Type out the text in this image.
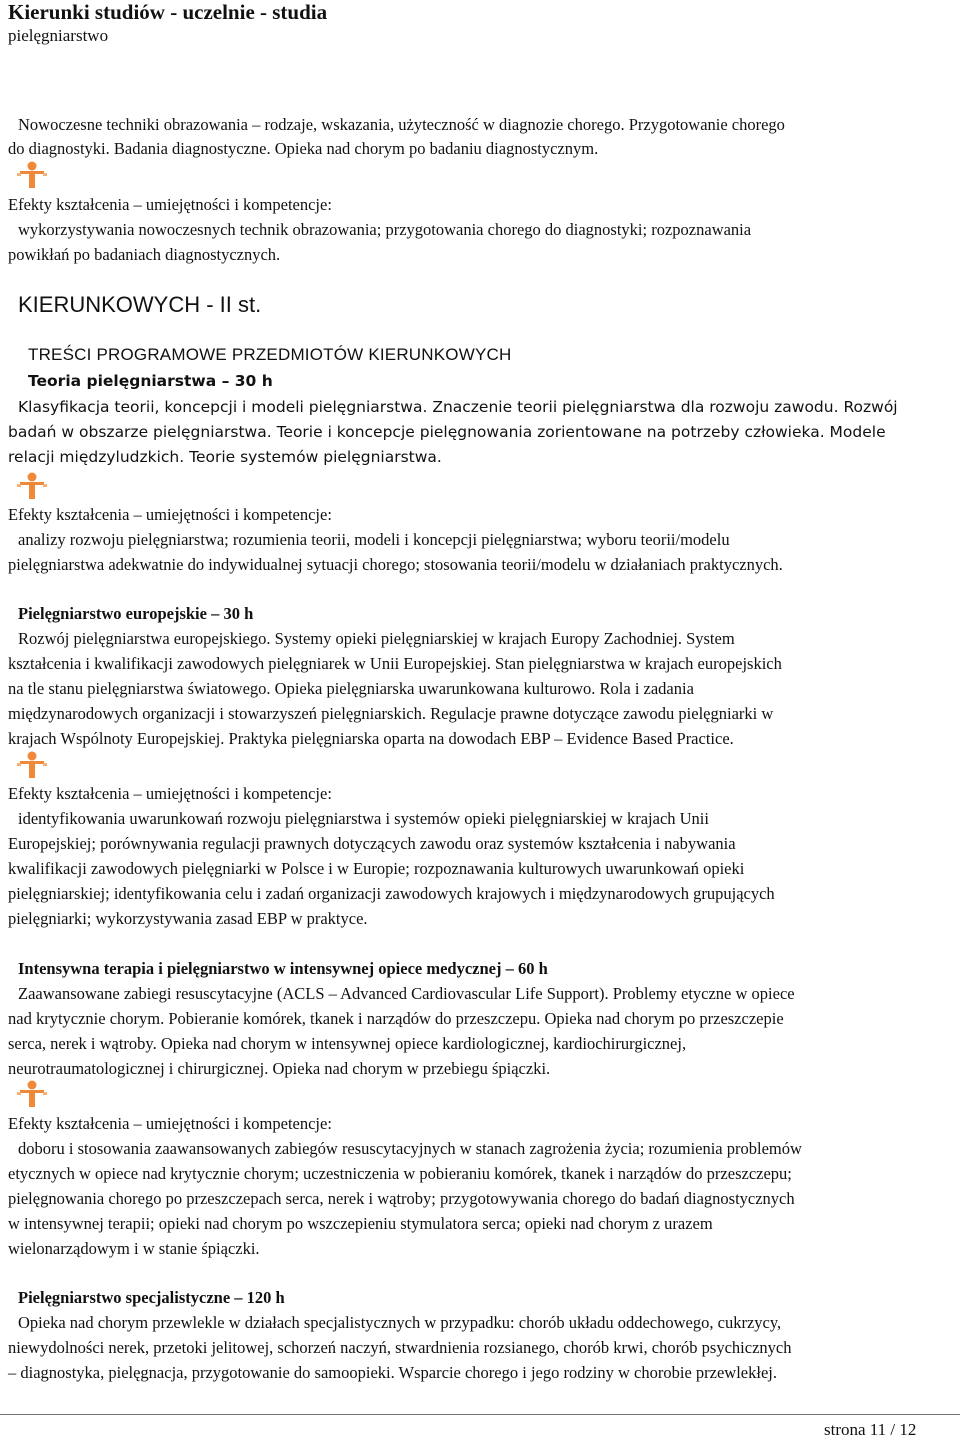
Kierunki studiów - uczelnie - studia
pielęgniarstwo
Nowoczesne techniki obrazowania – rodzaje, wskazania, użyteczność w diagnozie chorego. Przygotowanie chorego
do diagnostyki. Badania diagnostyczne. Opieka nad chorym po badaniu diagnostycznym.
Efekty kształcenia – umiejętności i kompetencje:
wykorzystywania nowoczesnych technik obrazowania; przygotowania chorego do diagnostyki; rozpoznawania
powikłań po badaniach diagnostycznych.
KIERUNKOWYCH - II st.
TREŚCI PROGRAMOWE PRZEDMIOTÓW KIERUNKOWYCH
Teoria pielęgniarstwa – 30 h
Klasyfikacja teorii, koncepcji i modeli pielęgniarstwa. Znaczenie teorii pielęgniarstwa dla rozwoju zawodu. Rozwój
badań w obszarze pielęgniarstwa. Teorie i koncepcje pielęgnowania zorientowane na potrzeby człowieka. Modele
relacji międzyludzkich. Teorie systemów pielęgniarstwa.
Efekty kształcenia – umiejętności i kompetencje:
analizy rozwoju pielęgniarstwa; rozumienia teorii, modeli i koncepcji pielęgniarstwa; wyboru teorii/modelu
pielęgniarstwa adekwatnie do indywidualnej sytuacji chorego; stosowania teorii/modelu w działaniach praktycznych.
Pielęgniarstwo europejskie – 30 h
Rozwój pielęgniarstwa europejskiego. Systemy opieki pielęgniarskiej w krajach Europy Zachodniej. System
kształcenia i kwalifikacji zawodowych pielęgniarek w Unii Europejskiej. Stan pielęgniarstwa w krajach europejskich
na tle stanu pielęgniarstwa światowego. Opieka pielęgniarska uwarunkowana kulturowo. Rola i zadania
międzynarodowych organizacji i stowarzyszeń pielęgniarskich. Regulacje prawne dotyczące zawodu pielęgniarki w
krajach Wspólnoty Europejskiej. Praktyka pielęgniarska oparta na dowodach EBP – Evidence Based Practice.
Efekty kształcenia – umiejętności i kompetencje:
identyfikowania uwarunkowań rozwoju pielęgniarstwa i systemów opieki pielęgniarskiej w krajach Unii
Europejskiej; porównywania regulacji prawnych dotyczących zawodu oraz systemów kształcenia i nabywania
kwalifikacji zawodowych pielęgniarki w Polsce i w Europie; rozpoznawania kulturowych uwarunkowań opieki
pielęgniarskiej; identyfikowania celu i zadań organizacji zawodowych krajowych i międzynarodowych grupujących
pielęgniarki; wykorzystywania zasad EBP w praktyce.
Intensywna terapia i pielęgniarstwo w intensywnej opiece medycznej – 60 h
Zaawansowane zabiegi resuscytacyjne (ACLS – Advanced Cardiovascular Life Support). Problemy etyczne w opiece
nad krytycznie chorym. Pobieranie komórek, tkanek i narządów do przeszczepu. Opieka nad chorym po przeszczepie
serca, nerek i wątroby. Opieka nad chorym w intensywnej opiece kardiologicznej, kardiochirurgicznej,
neurotraumatologicznej i chirurgicznej. Opieka nad chorym w przebiegu śpiączki.
Efekty kształcenia – umiejętności i kompetencje:
doboru i stosowania zaawansowanych zabiegów resuscytacyjnych w stanach zagrożenia życia; rozumienia problemów
etycznych w opiece nad krytycznie chorym; uczestniczenia w pobieraniu komórek, tkanek i narządów do przeszczepu;
pielęgnowania chorego po przeszczepach serca, nerek i wątroby; przygotowywania chorego do badań diagnostycznych
w intensywnej terapii; opieki nad chorym po wszczepieniu stymulatora serca; opieki nad chorym z urazem
wielonarządowym i w stanie śpiączki.
Pielęgniarstwo specjalistyczne – 120 h
Opieka nad chorym przewlekle w działach specjalistycznych w przypadku: chorób układu oddechowego, cukrzycy,
niewydolności nerek, przetoki jelitowej, schorzeń naczyń, stwardnienia rozsianego, chorób krwi, chorób psychicznych
– diagnostyka, pielęgnacja, przygotowanie do samoopieki. Wsparcie chorego i jego rodziny w chorobie przewlekłej.
strona 11 / 12
